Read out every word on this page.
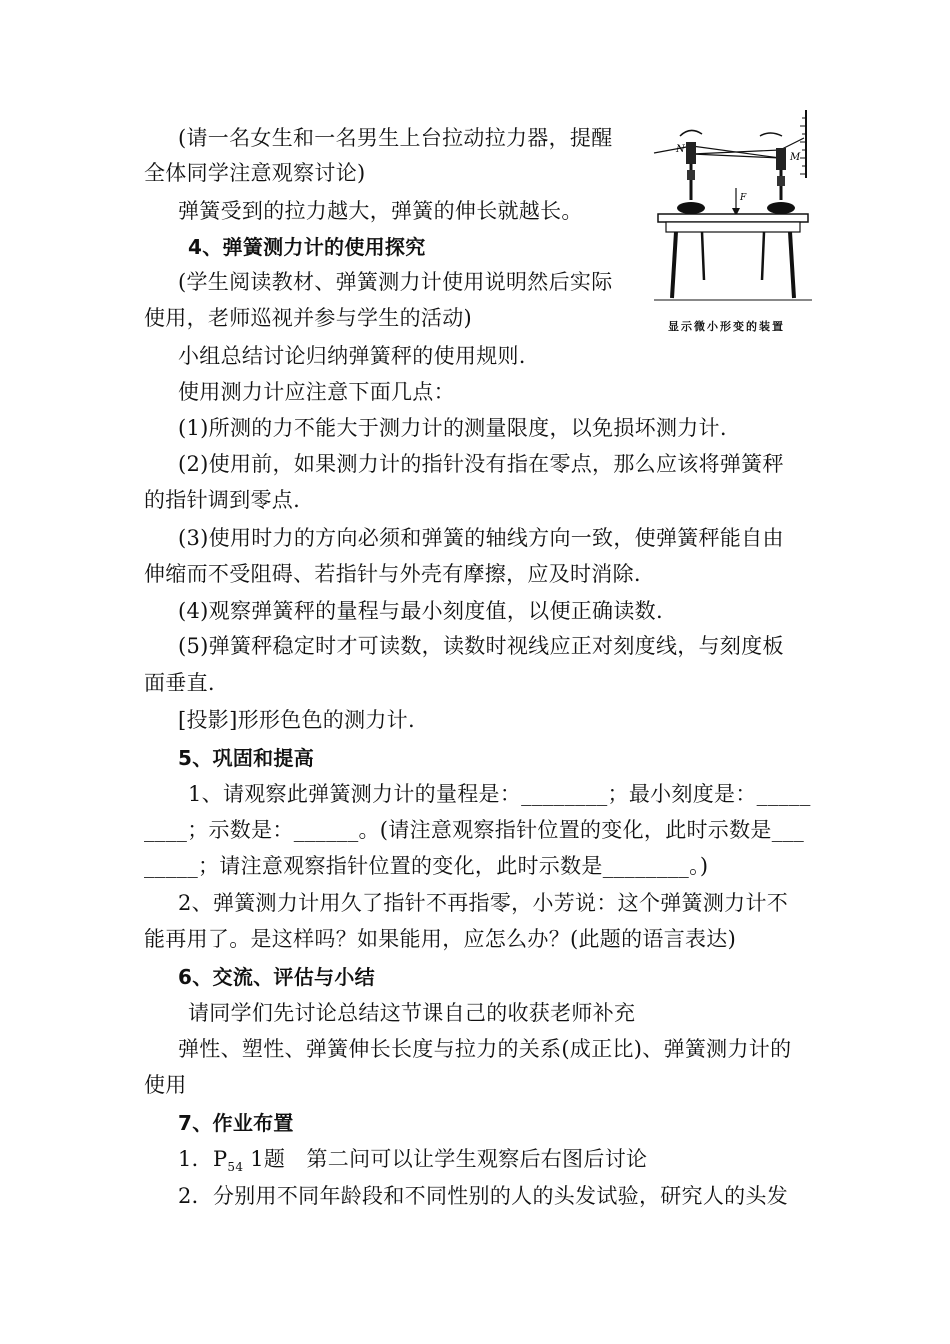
(请一名女生和一名男生上台拉动拉力器，提醒
全体同学注意观察讨论)
弹簧受到的拉力越大，弹簧的伸长就越长。
4、弹簧测力计的使用探究
(学生阅读教材、弹簧测力计使用说明然后实际
使用，老师巡视并参与学生的活动)
小组总结讨论归纳弹簧秤的使用规则.
使用测力计应注意下面几点：
(1)所测的力不能大于测力计的测量限度，以免损坏测力计.
(2)使用前，如果测力计的指针没有指在零点，那么应该将弹簧秤
的指针调到零点.
(3)使用时力的方向必须和弹簧的轴线方向一致，使弹簧秤能自由
伸缩而不受阻碍、若指针与外壳有摩擦，应及时消除.
(4)观察弹簧秤的量程与最小刻度值，以便正确读数.
(5)弹簧秤稳定时才可读数，读数时视线应正对刻度线，与刻度板
面垂直.
[投影]形形色色的测力计.
5、巩固和提高
1、请观察此弹簧测力计的量程是：________；最小刻度是：_____
____；示数是：______。(请注意观察指针位置的变化，此时示数是___
_____；请注意观察指针位置的变化，此时示数是________。)
2、弹簧测力计用久了指针不再指零，小芳说：这个弹簧测力计不
能再用了。是这样吗？如果能用，应怎么办？(此题的语言表达)
6、交流、评估与小结
请同学们先讨论总结这节课自己的收获老师补充
弹性、塑性、弹簧伸长长度与拉力的关系(成正比)、弹簧测力计的
使用
7、作业布置
1．$P_{54}$ 1题　第二问可以让学生观察后右图后讨论
2．分别用不同年龄段和不同性别的人的头发试验，研究人的头发
N
M
F
显示微小形变的装置
